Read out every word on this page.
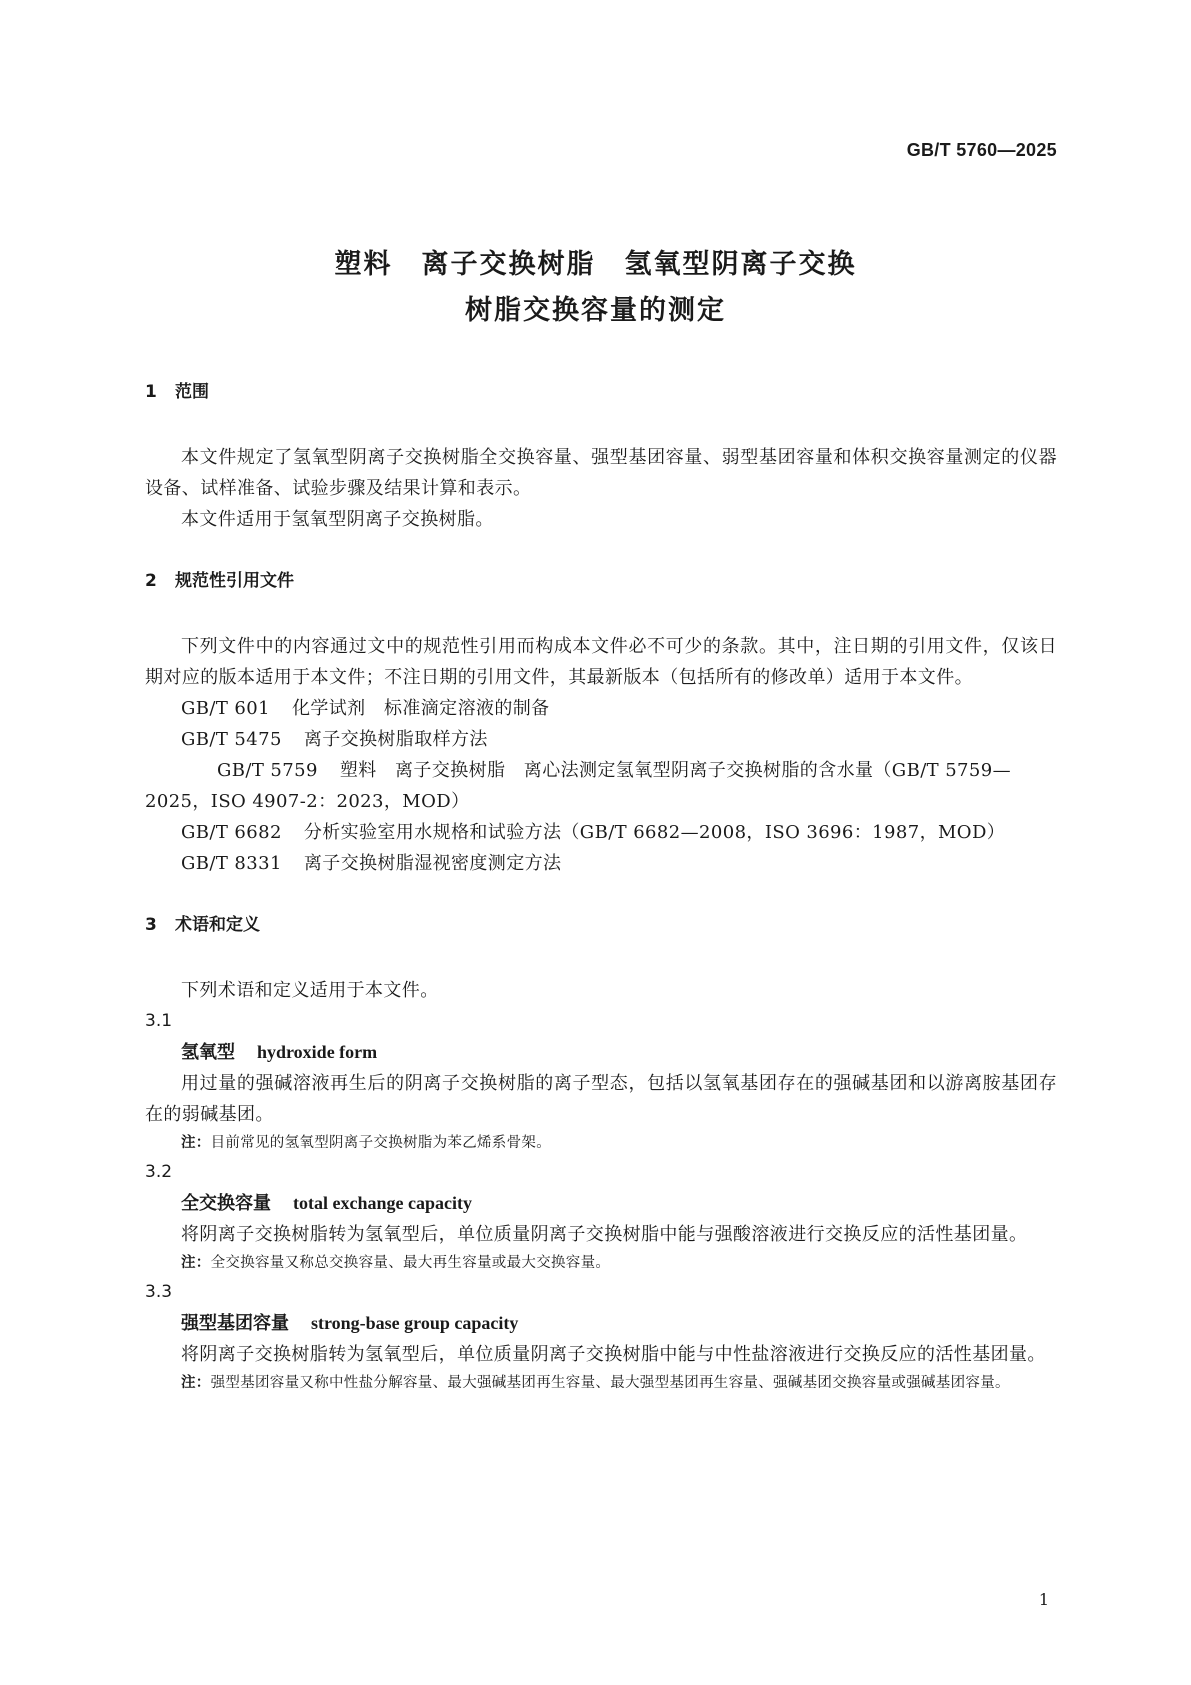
GB/T 5760—2025
塑料　离子交换树脂　氢氧型阴离子交换
树脂交换容量的测定
1 范围
本文件规定了氢氧型阴离子交换树脂全交换容量、强型基团容量、弱型基团容量和体积交换容量测定的仪器设备、试样准备、试验步骤及结果计算和表示。
本文件适用于氢氧型阴离子交换树脂。
2 规范性引用文件
下列文件中的内容通过文中的规范性引用而构成本文件必不可少的条款。其中，注日期的引用文件，仅该日期对应的版本适用于本文件；不注日期的引用文件，其最新版本（包括所有的修改单）适用于本文件。
GB/T 601 化学试剂　标准滴定溶液的制备
GB/T 5475 离子交换树脂取样方法
GB/T 5759 塑料　离子交换树脂　离心法测定氢氧型阴离子交换树脂的含水量（GB/T 5759—2025，ISO 4907-2：2023，MOD）
GB/T 6682 分析实验室用水规格和试验方法（GB/T 6682—2008，ISO 3696：1987，MOD）
GB/T 8331 离子交换树脂湿视密度测定方法
3 术语和定义
下列术语和定义适用于本文件。
3.1
氢氧型 hydroxide form
用过量的强碱溶液再生后的阴离子交换树脂的离子型态，包括以氢氧基团存在的强碱基团和以游离胺基团存在的弱碱基团。
注：目前常见的氢氧型阴离子交换树脂为苯乙烯系骨架。
3.2
全交换容量 total exchange capacity
将阴离子交换树脂转为氢氧型后，单位质量阴离子交换树脂中能与强酸溶液进行交换反应的活性基团量。
注：全交换容量又称总交换容量、最大再生容量或最大交换容量。
3.3
强型基团容量 strong-base group capacity
将阴离子交换树脂转为氢氧型后，单位质量阴离子交换树脂中能与中性盐溶液进行交换反应的活性基团量。
注：强型基团容量又称中性盐分解容量、最大强碱基团再生容量、最大强型基团再生容量、强碱基团交换容量或强碱基团容量。
1
